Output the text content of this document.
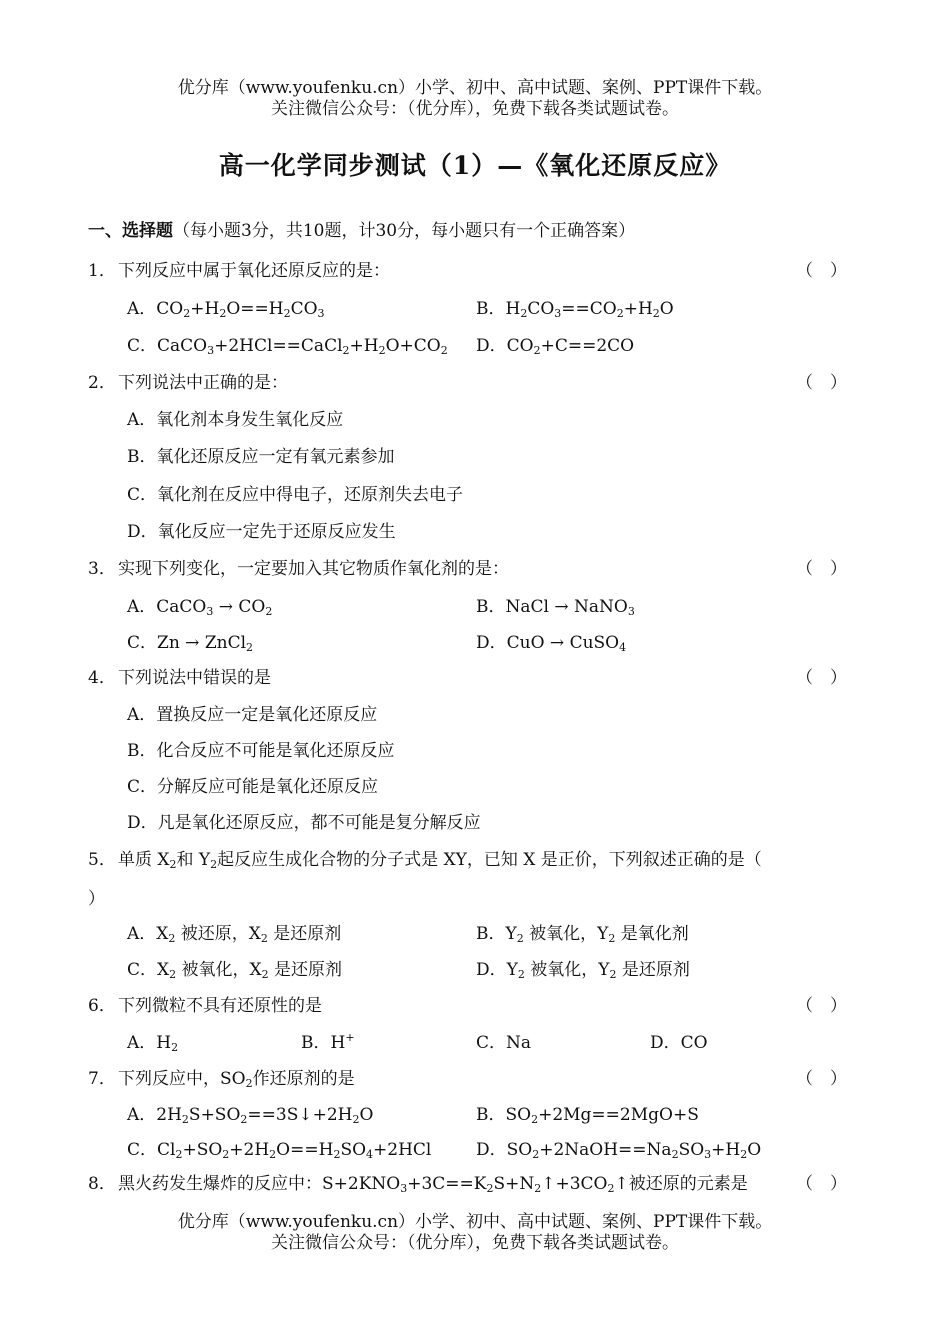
优分库（www.youfenku.cn）小学、初中、高中试题、案例、PPT课件下载。
关注微信公众号：（优分库），免费下载各类试题试卷。
高一化学同步测试（1）—《氧化还原反应》
一、选择题（每小题3分，共10题，计30分，每小题只有一个正确答案）
1． 下列反应中属于氧化还原反应的是：	（　）
A．$CO_2+H_2O==H_2CO_3$	B．$H_2CO_3==CO_2+H_2O$
C．$CaCO_3+2HCl==CaCl_2+H_2O+CO_2$ D．$CO_2+C==2CO$
2． 下列说法中正确的是：	（　）
A．氧化剂本身发生氧化反应
B．氧化还原反应一定有氧元素参加
C．氧化剂在反应中得电子，还原剂失去电子
D．氧化反应一定先于还原反应发生
3． 实现下列变化，一定要加入其它物质作氧化剂的是：	（　）
A．CaCO$_3$ → $CO_2$	B．NaCl → NaNO$_3$
C．Zn → ZnCl$_2$	D．CuO → CuSO$_4$
4． 下列说法中错误的是	（　）
A．置换反应一定是氧化还原反应
B．化合反应不可能是氧化还原反应
C．分解反应可能是氧化还原反应
D．凡是氧化还原反应，都不可能是复分解反应
5． 单质 $X_2$和 $Y_2$起反应生成化合物的分子式是 XY，已知 X 是正价，下列叙述正确的是（
）
A．$X_2$ 被还原，$X_2$ 是还原剂	B．$Y_2$ 被氧化，$Y_2$ 是氧化剂
C．$X_2$ 被氧化，$X_2$ 是还原剂	D．$Y_2$ 被氧化，$Y_2$ 是还原剂
6． 下列微粒不具有还原性的是	（　）
A．$H_2$	B．H+	C．Na	D．CO
7． 下列反应中，$SO_2$作还原剂的是	（　）
A．$2H_2S+SO_2==3S↓+2H_2O$	B．$SO_2+2Mg==2MgO+S$
C．$Cl_2+SO_2+2H_2O==H_2SO_4+2HCl$	D．$SO_2+2NaOH==Na_2SO_3+H_2O$
8． 黑火药发生爆炸的反应中：$S+2KNO_3+3C==K_2S+N_2↑+3CO_2↑$被还原的元素是	（　）
优分库（www.youfenku.cn）小学、初中、高中试题、案例、PPT课件下载。
关注微信公众号：（优分库），免费下载各类试题试卷。
